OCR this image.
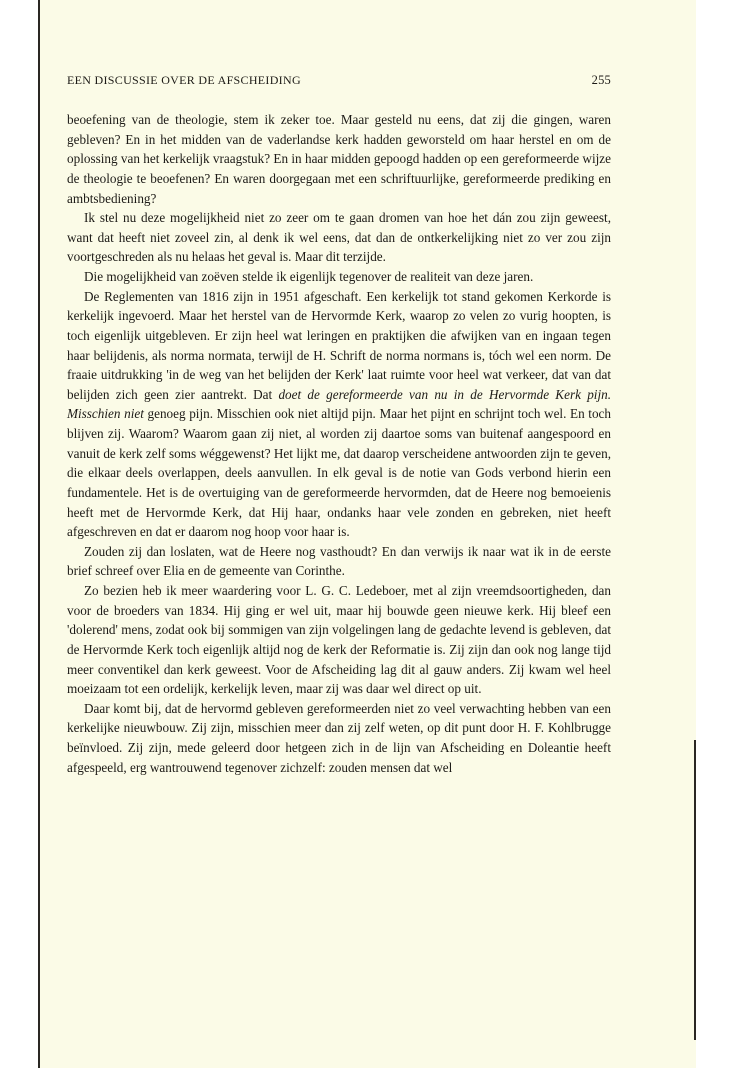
EEN DISCUSSIE OVER DE AFSCHEIDING	255

beoefening van de theologie, stem ik zeker toe. Maar gesteld nu eens, dat zij die gingen, waren gebleven? En in het midden van de vaderlandse kerk hadden geworsteld om haar herstel en om de oplossing van het kerkelijk vraagstuk? En in haar midden gepoogd hadden op een gereformeerde wijze de theologie te beoefenen? En waren doorgegaan met een schriftuurlijke, gereformeerde prediking en ambtsbediening?

Ik stel nu deze mogelijkheid niet zo zeer om te gaan dromen van hoe het dán zou zijn geweest, want dat heeft niet zoveel zin, al denk ik wel eens, dat dan de ontkerkelijking niet zo ver zou zijn voortgeschreden als nu helaas het geval is. Maar dit terzijde.

Die mogelijkheid van zoëven stelde ik eigenlijk tegenover de realiteit van deze jaren.

De Reglementen van 1816 zijn in 1951 afgeschaft. Een kerkelijk tot stand gekomen Kerkorde is kerkelijk ingevoerd. Maar het herstel van de Hervormde Kerk, waarop zo velen zo vurig hoopten, is toch eigenlijk uitgebleven. Er zijn heel wat leringen en praktijken die afwijken van en ingaan tegen haar belijdenis, als norma normata, terwijl de H. Schrift de norma normans is, tóch wel een norm. De fraaie uitdrukking 'in de weg van het belijden der Kerk' laat ruimte voor heel wat verkeer, dat van dat belijden zich geen zier aantrekt. Dat doet de gereformeerde van nu in de Hervormde Kerk pijn. Misschien niet genoeg pijn. Misschien ook niet altijd pijn. Maar het pijnt en schrijnt toch wel. En toch blijven zij. Waarom? Waarom gaan zij niet, al worden zij daartoe soms van buitenaf aangespoord en vanuit de kerk zelf soms wéggewenst? Het lijkt me, dat daarop verscheidene antwoorden zijn te geven, die elkaar deels overlappen, deels aanvullen. In elk geval is de notie van Gods verbond hierin een fundamentele. Het is de overtuiging van de gereformeerde hervormden, dat de Heere nog bemoeienis heeft met de Hervormde Kerk, dat Hij haar, ondanks haar vele zonden en gebreken, niet heeft afgeschreven en dat er daarom nog hoop voor haar is.

Zouden zij dan loslaten, wat de Heere nog vasthoudt? En dan verwijs ik naar wat ik in de eerste brief schreef over Elia en de gemeente van Corinthe.

Zo bezien heb ik meer waardering voor L. G. C. Ledeboer, met al zijn vreemdsoortigheden, dan voor de broeders van 1834. Hij ging er wel uit, maar hij bouwde geen nieuwe kerk. Hij bleef een 'dolerend' mens, zodat ook bij sommigen van zijn volgelingen lang de gedachte levend is gebleven, dat de Hervormde Kerk toch eigenlijk altijd nog de kerk der Reformatie is. Zij zijn dan ook nog lange tijd meer conventikel dan kerk geweest. Voor de Afscheiding lag dit al gauw anders. Zij kwam wel heel moeizaam tot een ordelijk, kerkelijk leven, maar zij was daar wel direct op uit.

Daar komt bij, dat de hervormd gebleven gereformeerden niet zo veel verwachting hebben van een kerkelijke nieuwbouw. Zij zijn, misschien meer dan zij zelf weten, op dit punt door H. F. Kohlbrugge beïnvloed. Zij zijn, mede geleerd door hetgeen zich in de lijn van Afscheiding en Doleantie heeft afgespeeld, erg wantrouwend tegenover zichzelf: zouden mensen dat wel
